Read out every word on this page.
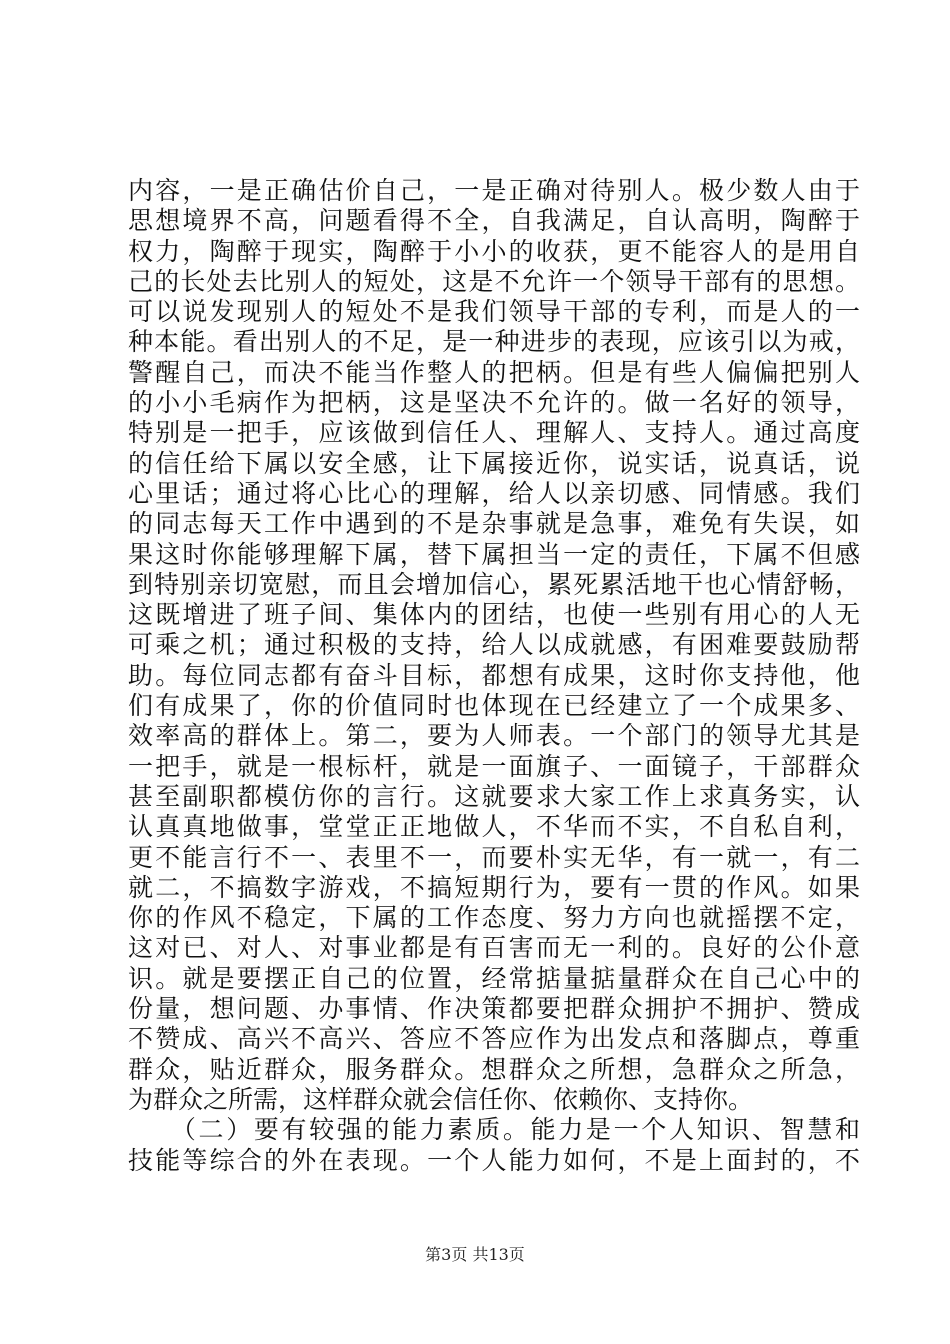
内容，一是正确估价自己，一是正确对待别人。极少数人由于
思想境界不高，问题看得不全，自我满足，自认高明，陶醉于
权力，陶醉于现实，陶醉于小小的收获，更不能容人的是用自
己的长处去比别人的短处，这是不允许一个领导干部有的思想。
可以说发现别人的短处不是我们领导干部的专利，而是人的一
种本能。看出别人的不足，是一种进步的表现，应该引以为戒，
警醒自己，而决不能当作整人的把柄。但是有些人偏偏把别人
的小小毛病作为把柄，这是坚决不允许的。做一名好的领导，
特别是一把手，应该做到信任人、理解人、支持人。通过高度
的信任给下属以安全感，让下属接近你，说实话，说真话，说
心里话；通过将心比心的理解，给人以亲切感、同情感。我们
的同志每天工作中遇到的不是杂事就是急事，难免有失误，如
果这时你能够理解下属，替下属担当一定的责任，下属不但感
到特别亲切宽慰，而且会增加信心，累死累活地干也心情舒畅，
这既增进了班子间、集体内的团结，也使一些别有用心的人无
可乘之机；通过积极的支持，给人以成就感，有困难要鼓励帮
助。每位同志都有奋斗目标，都想有成果，这时你支持他，他
们有成果了，你的价值同时也体现在已经建立了一个成果多、
效率高的群体上。第二，要为人师表。一个部门的领导尤其是
一把手，就是一根标杆，就是一面旗子、一面镜子，干部群众
甚至副职都模仿你的言行。这就要求大家工作上求真务实，认
认真真地做事，堂堂正正地做人，不华而不实，不自私自利，
更不能言行不一、表里不一，而要朴实无华，有一就一，有二
就二，不搞数字游戏，不搞短期行为，要有一贯的作风。如果
你的作风不稳定，下属的工作态度、努力方向也就摇摆不定，
这对已、对人、对事业都是有百害而无一利的。良好的公仆意
识。就是要摆正自己的位置，经常掂量掂量群众在自己心中的
份量，想问题、办事情、作决策都要把群众拥护不拥护、赞成
不赞成、高兴不高兴、答应不答应作为出发点和落脚点，尊重
群众，贴近群众，服务群众。想群众之所想，急群众之所急，
为群众之所需，这样群众就会信任你、依赖你、支持你。
　　（二）要有较强的能力素质。能力是一个人知识、智慧和
技能等综合的外在表现。一个人能力如何，不是上面封的，不
第3页 共13页
